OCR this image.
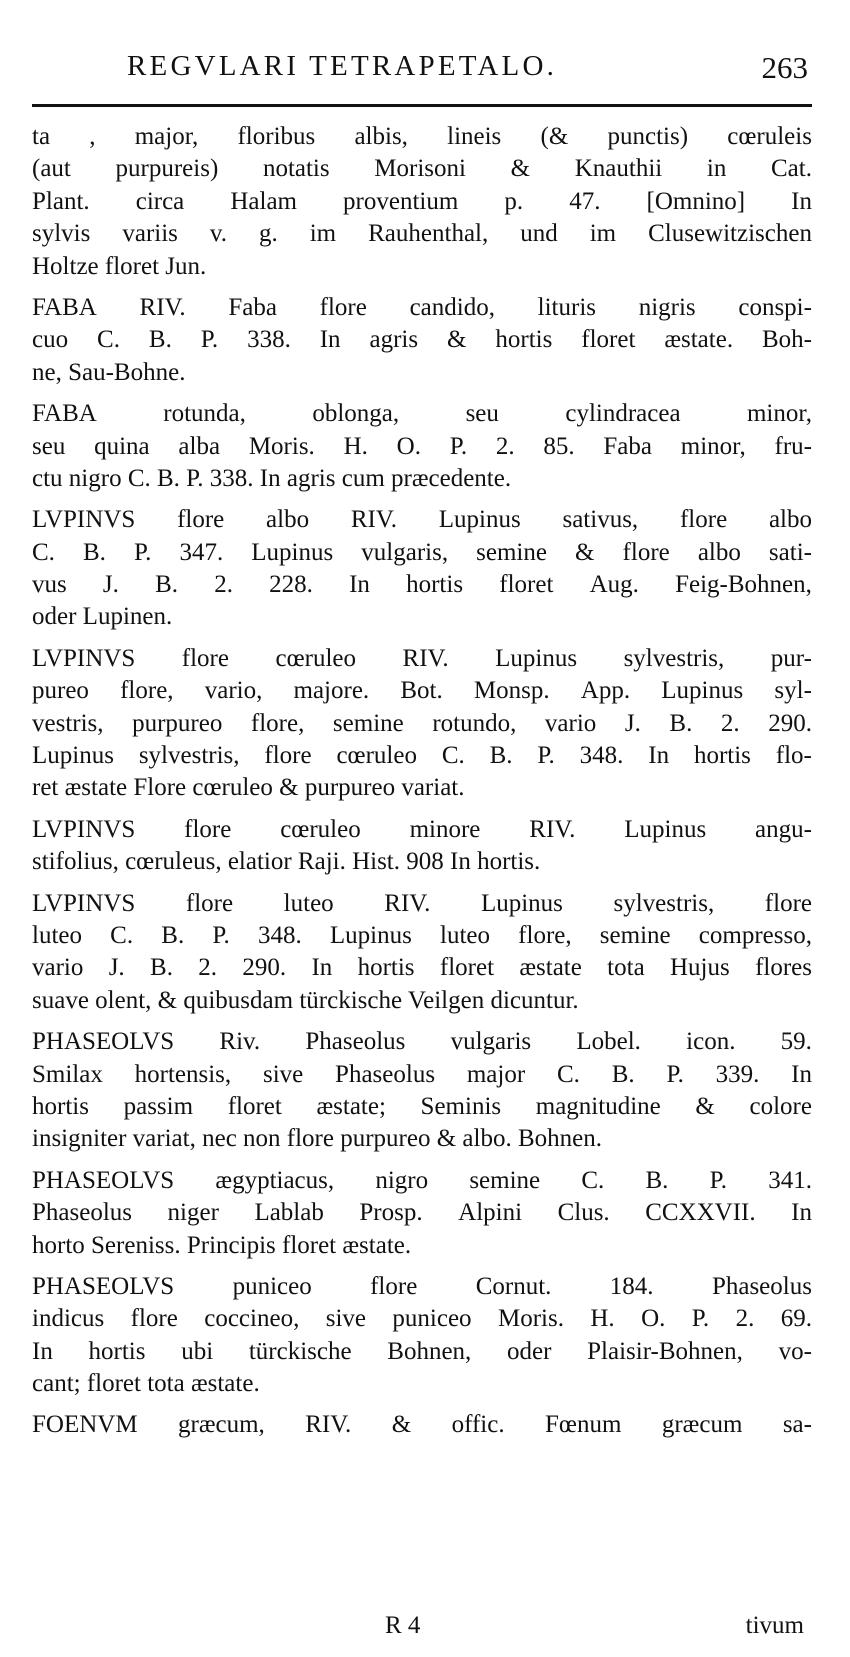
REGVLARI TETRAPETALO.	263
ta , major, floribus albis, lineis (& punctis) cœruleis
(aut purpureis) notatis Morisoni & Knauthii in Cat.
Plant. circa Halam proventium p. 47. [Omnino] In
sylvis variis v. g. im Rauhenthal, und im Clusewitzischen
Holtze floret Jun.
FABA RIV. Faba flore candido, lituris nigris conspi-
cuo C. B. P. 338. In agris & hortis floret æstate. Boh-
ne, Sau-Bohne.
FABA	rotunda,	oblonga,	seu	cylindracea	minor,
seu quina alba Moris. H. O. P. 2. 85. Faba minor, fru-
ctu nigro C. B. P. 338. In agris cum præcedente.
LVPINVS flore albo RIV. Lupinus sativus, flore albo
C. B. P. 347. Lupinus vulgaris, semine & flore albo sati-
vus J. B. 2. 228. In hortis floret Aug. Feig-Bohnen,
oder Lupinen.
LVPINVS flore cœruleo RIV. Lupinus sylvestris, pur-
pureo flore, vario, majore. Bot. Monsp. App. Lupinus syl-
vestris, purpureo flore, semine rotundo, vario J. B. 2. 290.
Lupinus sylvestris, flore cœruleo C. B. P. 348. In hortis flo-
ret æstate Flore cœruleo & purpureo variat.
LVPINVS flore cœruleo minore RIV. Lupinus angu-
stifolius, cœruleus, elatior Raji. Hist. 908 In hortis.
LVPINVS flore luteo RIV. Lupinus sylvestris, flore
luteo C. B. P. 348. Lupinus luteo flore, semine compresso,
vario J. B. 2. 290. In hortis floret æstate tota Hujus flores
suave olent, & quibusdam türckische Veilgen dicuntur.
PHASEOLVS Riv. Phaseolus vulgaris Lobel. icon. 59.
Smilax hortensis, sive Phaseolus major C. B. P. 339. In
hortis passim floret æstate; Seminis magnitudine & colore
insigniter variat, nec non flore purpureo & albo. Bohnen.
PHASEOLVS ægyptiacus, nigro semine C. B. P. 341.
Phaseolus niger Lablab Prosp. Alpini Clus. CCXXVII. In
horto Sereniss. Principis floret æstate.
PHASEOLVS puniceo flore Cornut. 184. Phaseolus
indicus flore coccineo, sive puniceo Moris. H. O. P. 2. 69.
In hortis ubi türckische Bohnen, oder Plaisir-Bohnen, vo-
cant; floret tota æstate.
FOENVM græcum, RIV. & offic. Fœnum græcum sa-
R 4	tivum
